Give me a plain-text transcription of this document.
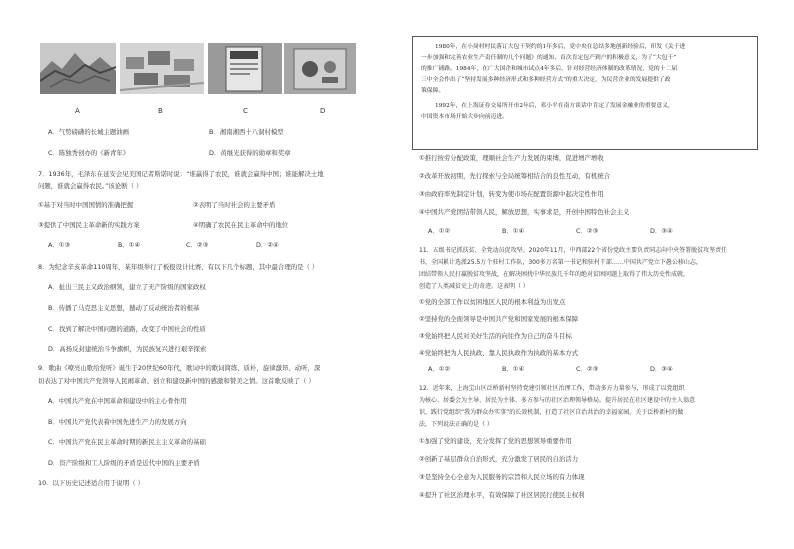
A	B	C	D
A．气势磅礴的长城主题油画	B．湘南湘西十八洞村模型
C．陈独秀创办的《新青年》	D．黄继光获得的勋章和奖章
7．1936年，毛泽东在延安会见美国记者斯诺时说：“谁赢得了农民，谁就会赢得中国；谁能解决土地
问题，谁就会赢得农民。”该论断（ ）
①基于对当时中国国情的准确把握	②表明了当时社会的主要矛盾
③提供了中国民主革命新的实践方案	④明确了农民在民主革命中的地位
A．①③	B．①④	C．②③	D．②④
8．为纪念辛亥革命110周年，某年级举行了板报设计比赛，有以下几个标题，其中最合理的是（ ）
A．扯出三民主义政治纲领，建立了无产阶级的国家政权
B．传播了马克思主义思想，撼动了反动统治者的根基
C．找到了解决中国问题的道路，改变了中国社会的性质
D．高扬反封建统治斗争旗帜，为民族复兴进行艰辛探索
9．歌曲《嘹亮山歌给党听》诞生于20世纪60年代，歌词中的歌词简练、质朴，旋律激昂、动听，深
切表达了对中国共产党领导人民闹革命、创立和建设新中国的感激和赞美之情。这首歌反映了（ ）
A．中国共产党在中国革命和建设中的主心骨作用
B．中国共产党代表着中国先进生产力的发展方向
C．中国共产党在民主革命时期的新民主主义革命的基础
D．资产阶级和工人阶级的矛盾是近代中国的主要矛盾
10．以下历史记述适合用于说明（ ）
1980年，在小岗村村民落订大包干契约的1年多后，党中央在总结多地创新经验后，印发《关于进
一步加强和完善农业生产责任制的几个问题》的通知，首次肯定包产到户的积极意义，为了“大包干”
的推广铺路。1984年，在广大国企和城市试点4年多后，针对经营经济体制的改革情况，党的十二届
三中全会作出了“坚持发展多种经济形式和多种经营方式”的重大决定，为民营企业的发展提供了政
策保障。
1992年，在上海证券交易所开市2年后，邓小平在南方谈话中肯定了发展金融业的重要意义，
中国资本市场开始大步向前迈进。
①推行按劳分配政策，理顺社会生产力发展的束缚，促进增产增收
②改革开放初期，先行探索与全局统筹相结合的良性互动，有机统合
③由政府率先制定计划，转变为使市场在配置资源中起决定性作用
④中国共产党团结带领人民，解放思想，实事求是，开创中国特色社会主义
A．①②	B．①④	C．②③	D．③④
11．五级书记抓扶贫、全党动员促攻坚。2020年11月，中西部22个省份党政主要负责同志向中央签署脱贫攻坚责任
书，全国累计选派25.5万个驻村工作队，300多万名第一书记和驻村干部……中国共产党立下愚公移山志，
团结带领人民打赢脱贫攻坚战，在解决困扰中华民族几千年的绝对贫困问题上取得了伟大历史性成就，
创造了人类减贫史上的奇迹。这表明（ ）
①党的全部工作以贫困地区人民的根本利益为出发点
②坚持党的全面领导是中国共产党和国家发展的根本保障
③党始终把人民对美好生活的向往作为自己的奋斗目标
④党始终把为人民执政、靠人民执政作为执政的基本方式
A．①②	B．①④	C．②③	D．③④
12．近年来，上海宝山区泛桥新村坚持党建引领社区治理工作，带动多方力量参与，形成了以党组织
为核心、居委会为主导、居民为主体、多方参与的社区治理领导格局。提升居民在社区建设中的主人翁意
识，践行党组织“我为群众办实事”的长效机制，打造了社区自治共治的幸福家园。关于泛桥新村的做
法，下列说法正确的是（ ）
①加强了党的建设，充分发挥了党的思想领导重要作用
②创新了基层群众自治形式，充分激发了居民的自治活力
③是坚持全心全意为人民服务的宗旨和人民立场的有力体现
④提升了社区治理水平，有效保障了社区居民行使民主权利
